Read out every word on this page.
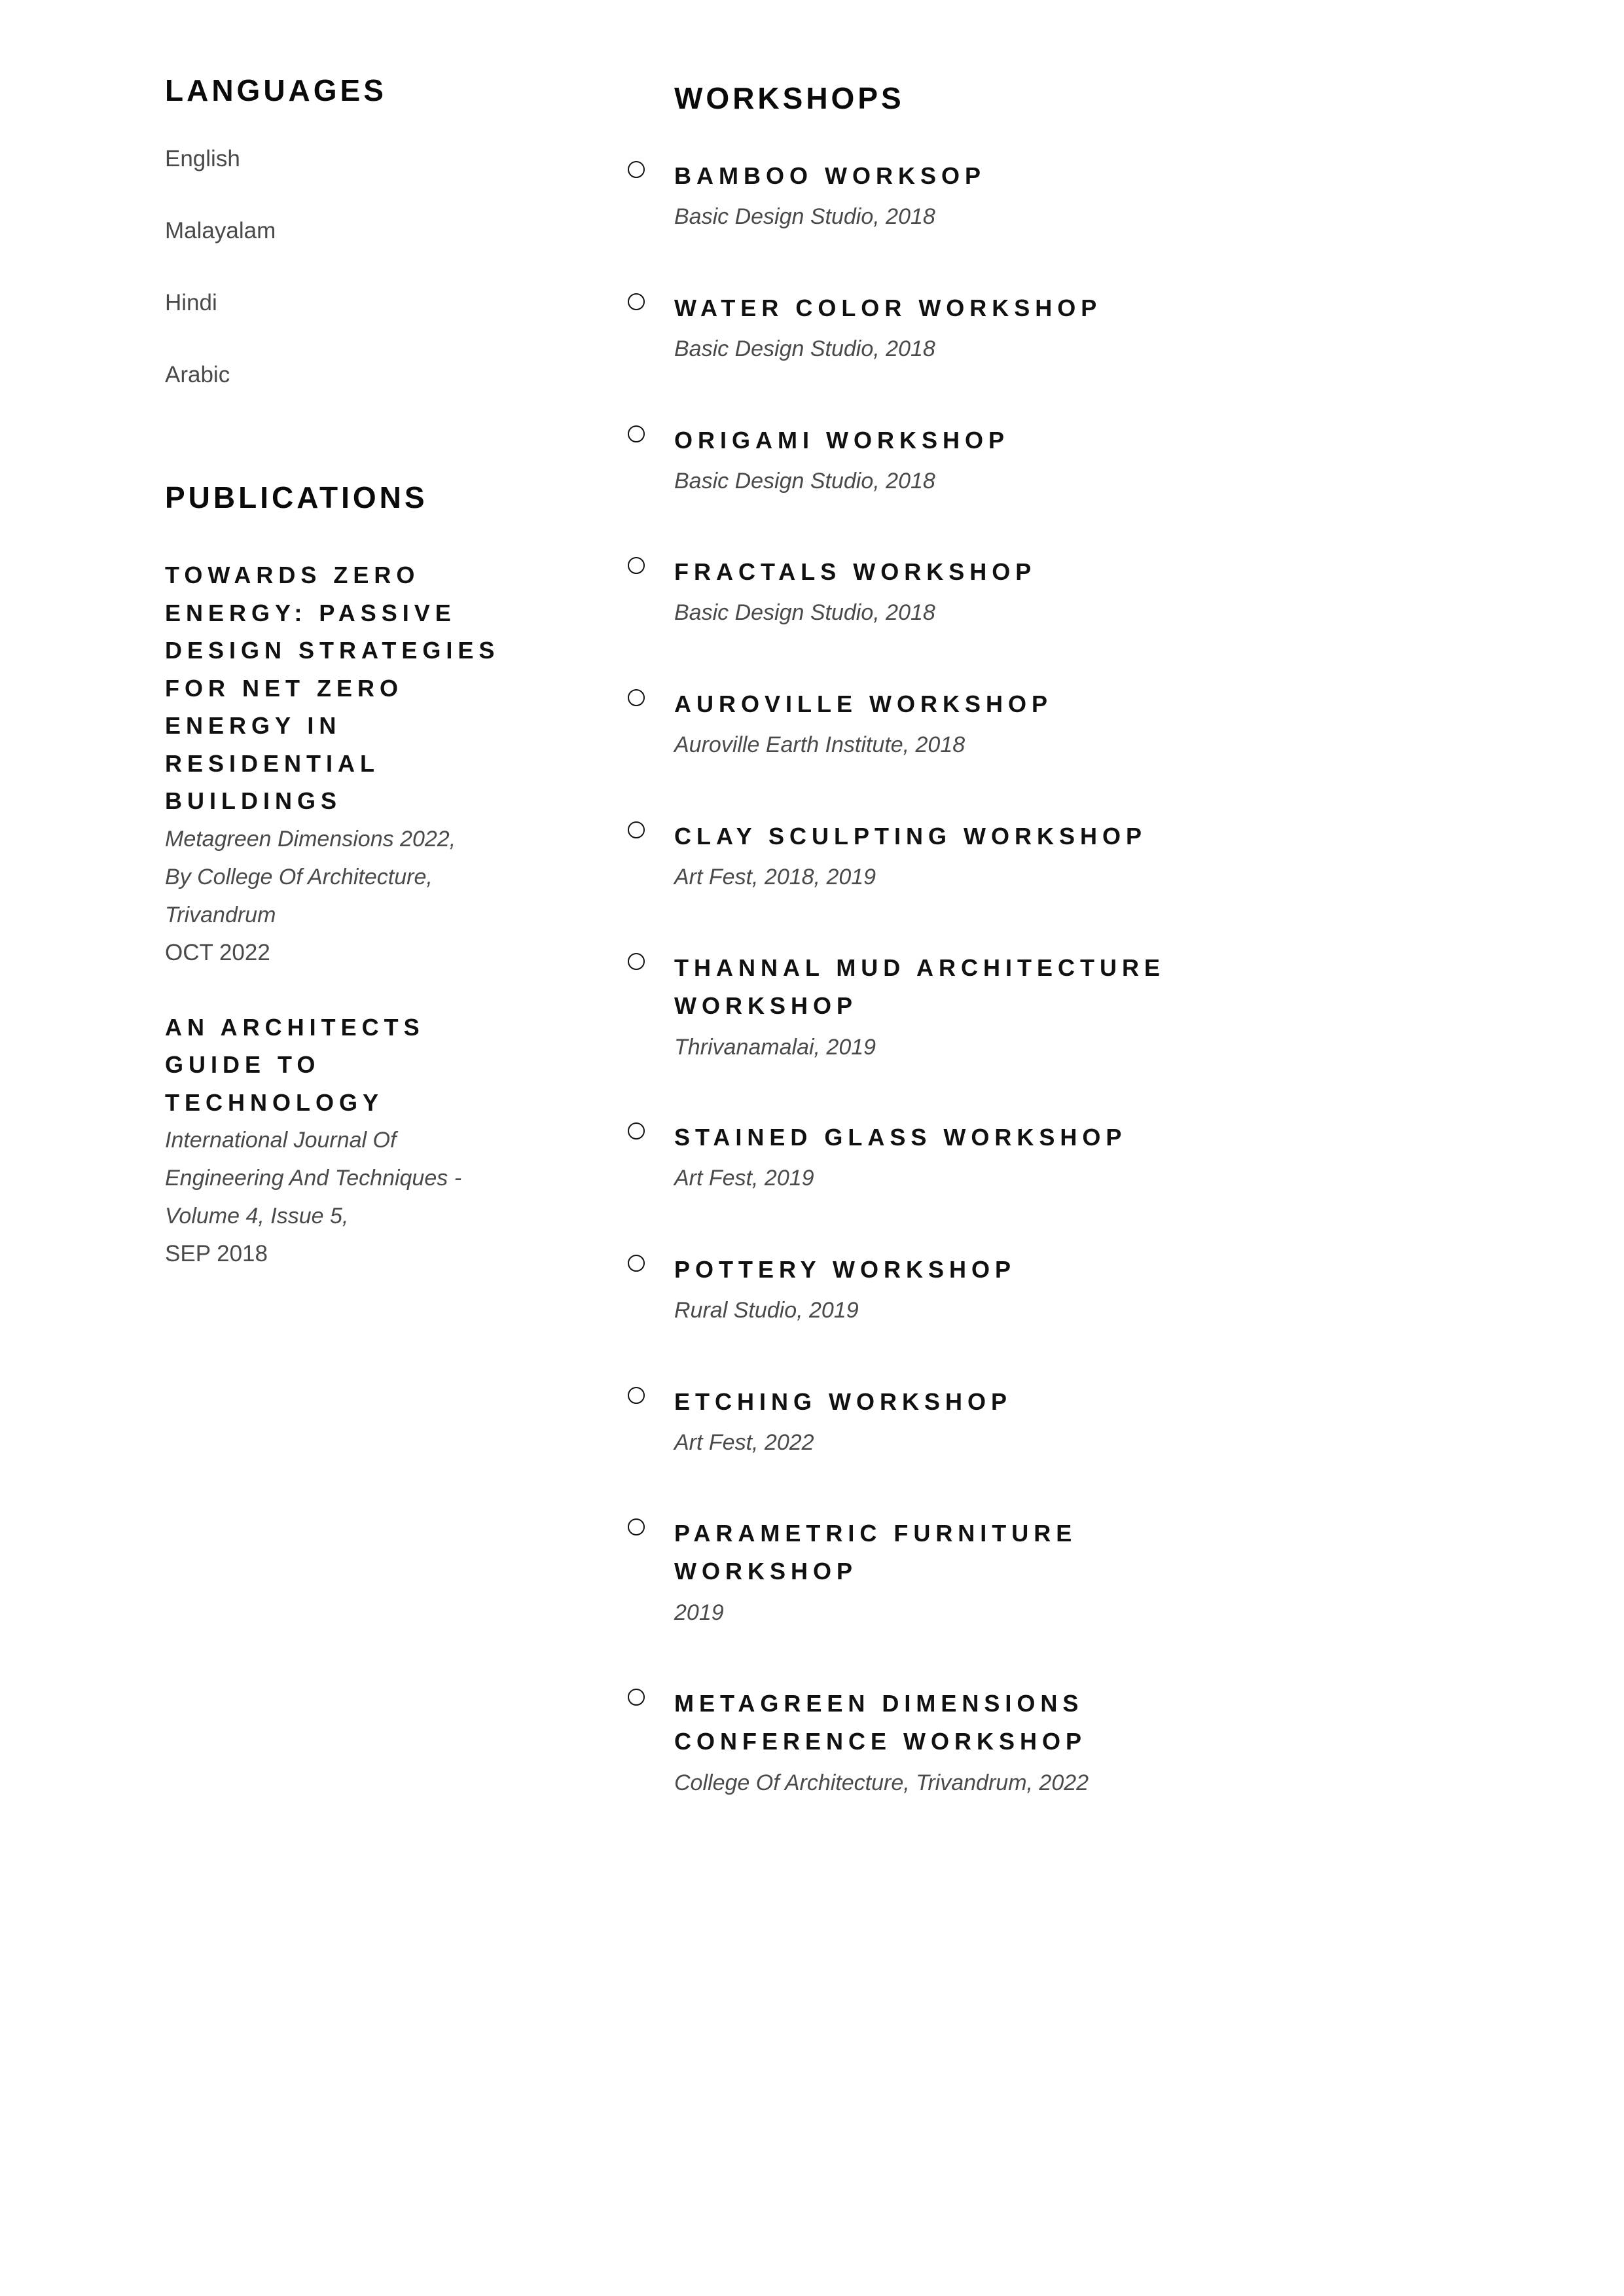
LANGUAGES
English
Malayalam
Hindi
Arabic
PUBLICATIONS
TOWARDS ZERO
ENERGY: PASSIVE
DESIGN STRATEGIES
FOR NET ZERO
ENERGY IN
RESIDENTIAL
BUILDINGS
Metagreen Dimensions 2022,
By College Of Architecture,
Trivandrum
OCT 2022
AN ARCHITECTS
GUIDE TO
TECHNOLOGY
International Journal Of
Engineering And Techniques -
Volume 4, Issue 5,
SEP 2018
WORKSHOPS
BAMBOO WORKSOP
Basic Design Studio, 2018
WATER COLOR WORKSHOP
Basic Design Studio, 2018
ORIGAMI WORKSHOP
Basic Design Studio, 2018
FRACTALS WORKSHOP
Basic Design Studio, 2018
AUROVILLE WORKSHOP
Auroville Earth Institute, 2018
CLAY SCULPTING WORKSHOP
Art Fest, 2018, 2019
THANNAL MUD ARCHITECTURE
WORKSHOP
Thrivanamalai, 2019
STAINED GLASS WORKSHOP
Art Fest, 2019
POTTERY WORKSHOP
Rural Studio, 2019
ETCHING WORKSHOP
Art Fest, 2022
PARAMETRIC FURNITURE
WORKSHOP
2019
METAGREEN DIMENSIONS
CONFERENCE WORKSHOP
College Of Architecture, Trivandrum, 2022
